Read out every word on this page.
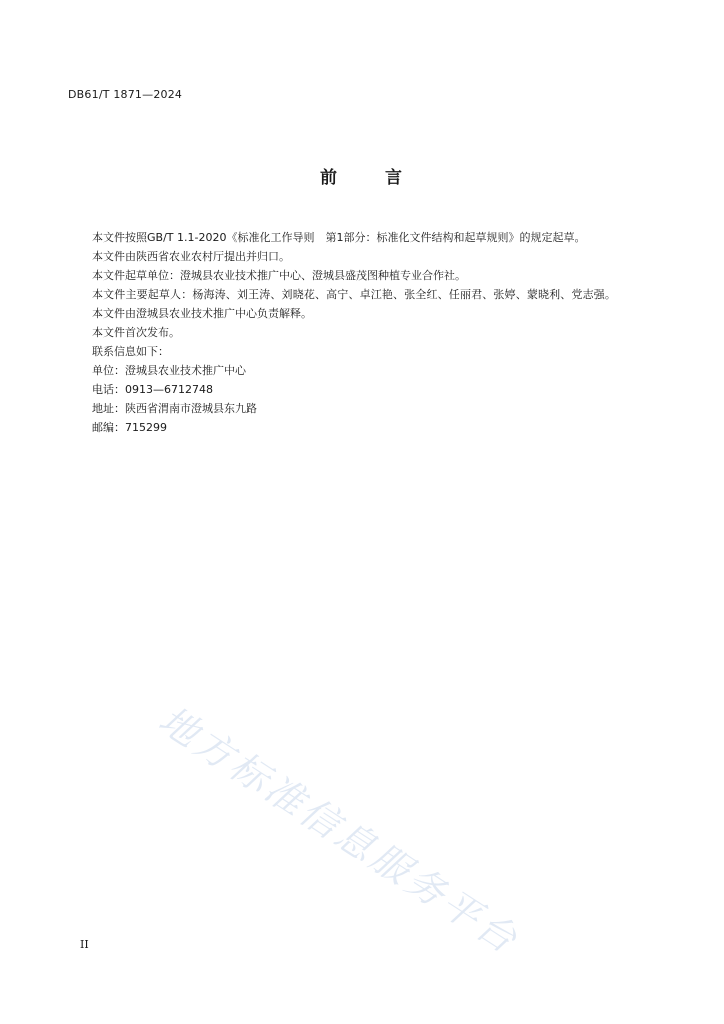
DB61/T 1871—2024
前	言

本文件按照GB/T 1.1-2020《标准化工作导则　第1部分：标准化文件结构和起草规则》的规定起草。

本文件由陕西省农业农村厅提出并归口。

本文件起草单位：澄城县农业技术推广中心、澄城县盛茂图种植专业合作社。

本文件主要起草人：杨海涛、刘王涛、刘晓花、高宁、卓江艳、张全红、任丽君、张婷、蒙晓利、党志强。

本文件由澄城县农业技术推广中心负责解释。

本文件首次发布。

联系信息如下：

单位：澄城县农业技术推广中心

电话：0913—6712748

地址：陕西省渭南市澄城县东九路

邮编：715299

地方标准信息服务平台
II
